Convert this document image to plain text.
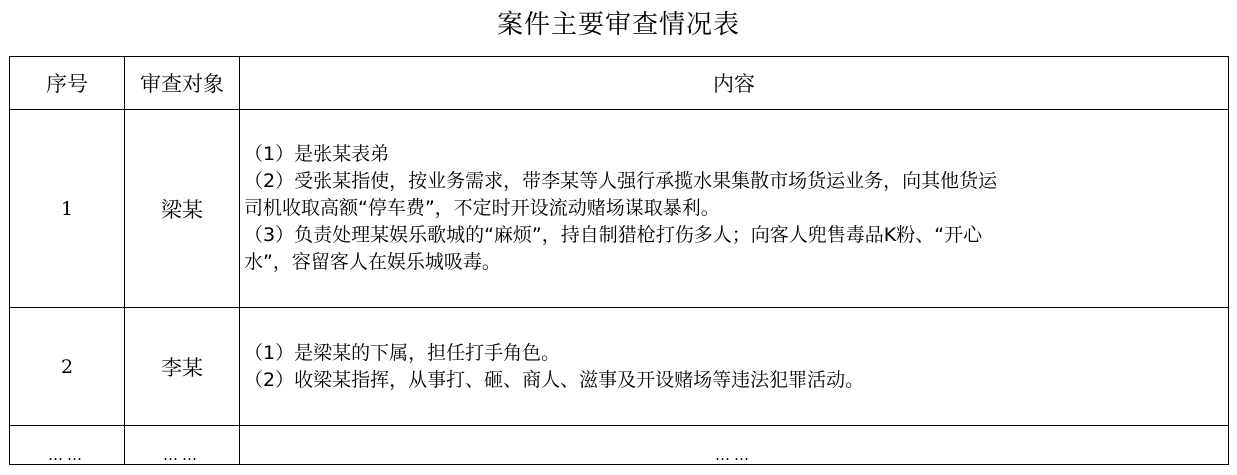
案件主要审查情况表
序号	审查对象	内容
1	梁某	（1）是张某表弟
（2）受张某指使，按业务需求，带李某等人强行承揽水果集散市场货运业务，向其他货运
司机收取高额“停车费”，不定时开设流动赌场谋取暴利。
（3）负责处理某娱乐歌城的“麻烦”，持自制猎枪打伤多人；向客人兜售毒品K粉、“开心
水”，容留客人在娱乐城吸毒。

2	李某	（1）是梁某的下属，担任打手角色。
（2）收梁某指挥，从事打、砸、商人、滋事及开设赌场等违法犯罪活动。

……	……	……
